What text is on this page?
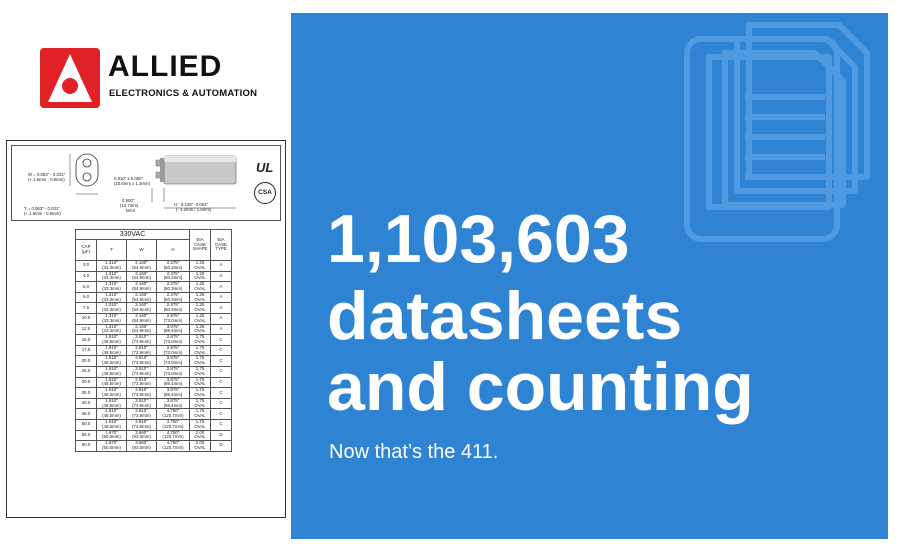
ALLIED
ELECTRONICS & AUTOMATION
W = 0.063" - 0.031"
(+ 1.6mm - 0.8mm)
T = 0.063" - 0.031"
(+ 1.6mm - 0.8mm)
0.810" x 0.050"
(20.6mm x 1.3mm)
0.500"
(12.7mm)
MAX
H - 0.125"- 0.063"
(- 3.2mm / 1.6mm)
UL
CSA
330VAC				EIA CASE SHAPE	EIA CASE TYPE
CAP (µF)	T	W	H		
3.0	1.310" (33.3mm)	2.160" (54.9mm)	2.375" (60.3mm)	1.25 OVAL	A
4.0	1.310" (33.3mm)	2.160" (54.9mm)	2.375" (60.3mm)	1.25 OVAL	A
5.0	1.310" (33.3mm)	2.160" (54.9mm)	2.375" (60.3mm)	1.25 OVAL	A
6.0	1.310" (33.3mm)	2.160" (54.9mm)	2.375" (60.3mm)	1.25 OVAL	A
7.5	1.310" (33.3mm)	2.160" (54.9mm)	2.375" (60.3mm)	1.25 OVAL	A
10.0	1.310" (33.3mm)	2.160" (54.9mm)	2.875" (73.0mm)	1.25 OVAL	A
12.5	1.310" (33.3mm)	2.160" (54.9mm)	3.875" (98.4mm)	1.25 OVAL	A
15.0	1.910" (48.5mm)	2.910" (73.9mm)	2.875" (73.0mm)	1.75 OVAL	C
17.5	1.910" (48.5mm)	2.910" (73.9mm)	2.875" (73.0mm)	1.75 OVAL	C
20.0	1.910" (48.5mm)	2.910" (73.9mm)	2.875" (73.0mm)	1.75 OVAL	C
25.0	1.910" (48.5mm)	2.910" (73.9mm)	2.875" (73.0mm)	1.75 OVAL	C
30.0	1.910" (48.5mm)	2.910" (73.9mm)	3.875" (98.4mm)	1.75 OVAL	C
35.0	1.910" (48.5mm)	2.910" (73.9mm)	3.875" (98.4mm)	1.75 OVAL	C
40.0	1.910" (48.5mm)	2.910" (73.9mm)	3.875" (98.4mm)	1.75 OVAL	C
45.0	1.910" (48.5mm)	2.910" (73.9mm)	4.750" (120.7mm)	1.75 OVAL	C
50.0	1.910" (48.5mm)	2.910" (73.9mm)	4.750" (120.7mm)	1.75 OVAL	C
55.0	1.970" (50.0mm)	3.660" (93.0mm)	4.750" (120.7mm)	2.00 OVAL	D
60.0	1.970" (50.0mm)	3.660" (93.0mm)	4.750" (120.7mm)	2.00 OVAL	D
1,103,603
datasheets
and counting
Now that’s the 411.
